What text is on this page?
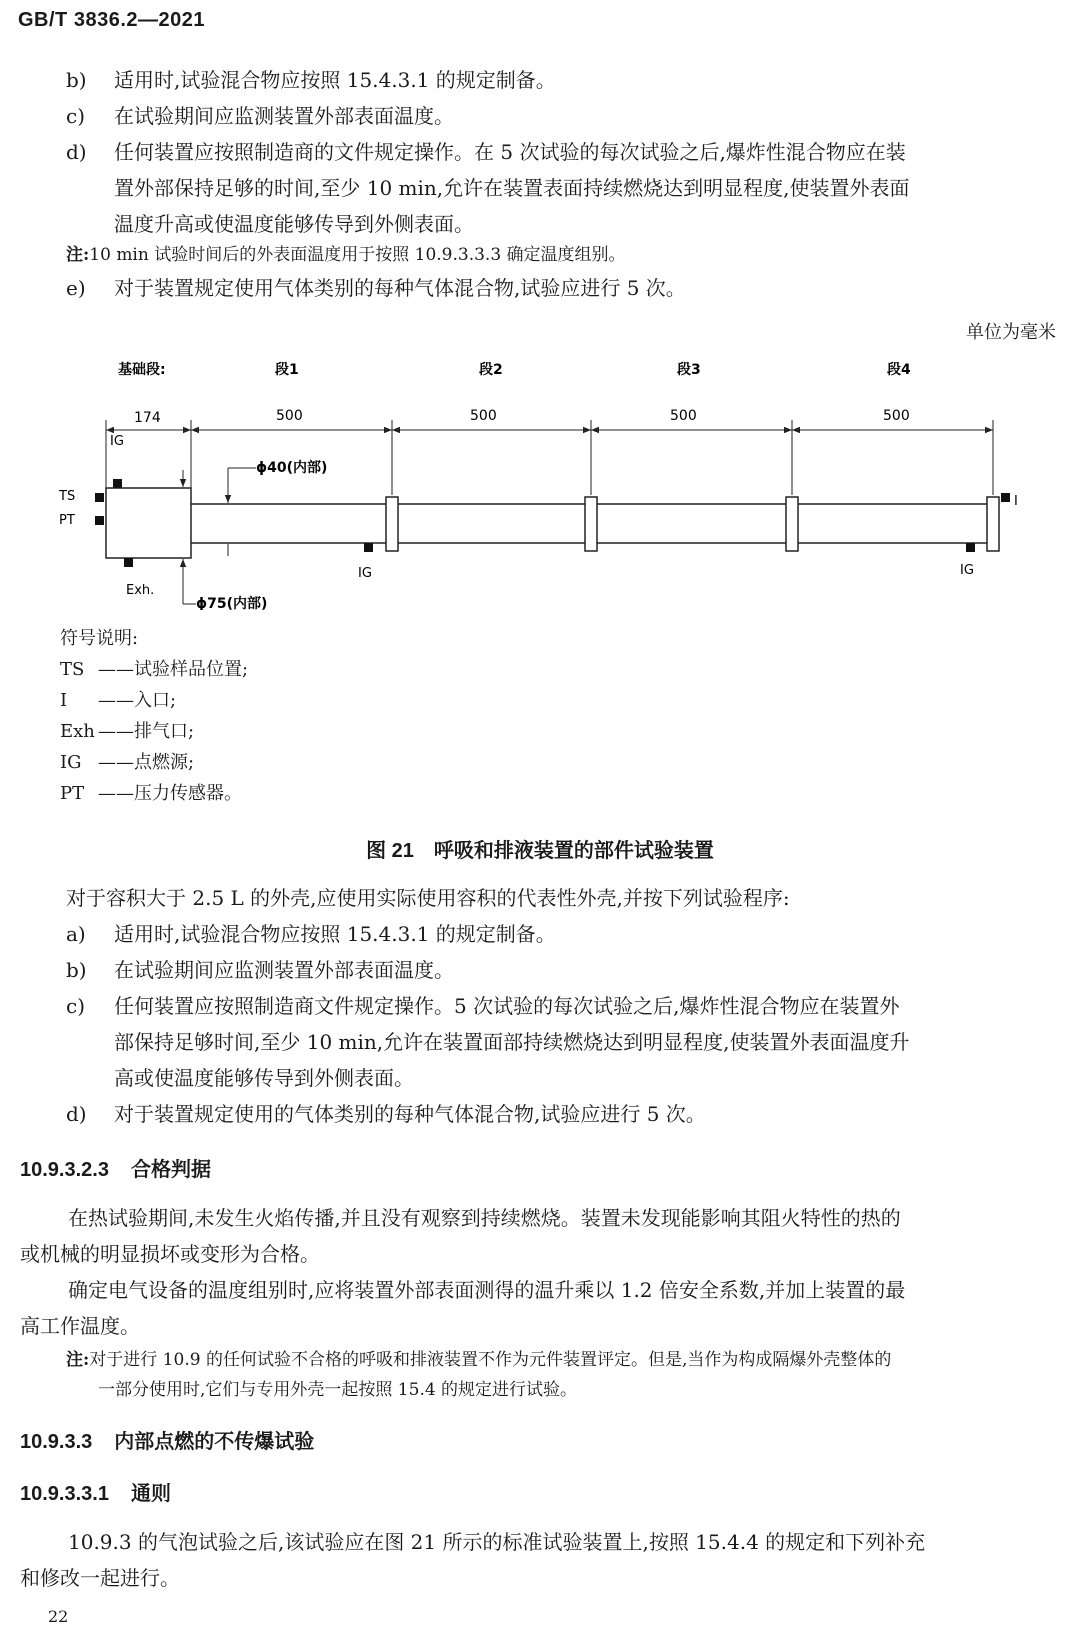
GB/T 3836.2—2021
b) 适用时,试验混合物应按照 15.4.3.1 的规定制备。
c) 在试验期间应监测装置外部表面温度。
d) 任何装置应按照制造商的文件规定操作。在 5 次试验的每次试验之后,爆炸性混合物应在装
置外部保持足够的时间,至少 10 min,允许在装置表面持续燃烧达到明显程度,使装置外表面
温度升高或使温度能够传导到外侧表面。
注:10 min 试验时间后的外表面温度用于按照 10.9.3.3.3 确定温度组别。
e) 对于装置规定使用气体类别的每种气体混合物,试验应进行 5 次。
单位为毫米
基础段:	段1	段2	段3	段4
174	500	500	500	500
IG
TS
PT
Exh.
IG	IG
I
ϕ40(内部)
ϕ75(内部)
符号说明:
TS ——试验样品位置;
I ——入口;
Exh ——排气口;
IG ——点燃源;
PT ——压力传感器。
图 21 呼吸和排液装置的部件试验装置
对于容积大于 2.5 L 的外壳,应使用实际使用容积的代表性外壳,并按下列试验程序:
a) 适用时,试验混合物应按照 15.4.3.1 的规定制备。
b) 在试验期间应监测装置外部表面温度。
c) 任何装置应按照制造商文件规定操作。5 次试验的每次试验之后,爆炸性混合物应在装置外
部保持足够时间,至少 10 min,允许在装置面部持续燃烧达到明显程度,使装置外表面温度升
高或使温度能够传导到外侧表面。
d) 对于装置规定使用的气体类别的每种气体混合物,试验应进行 5 次。
10.9.3.2.3 合格判据
在热试验期间,未发生火焰传播,并且没有观察到持续燃烧。装置未发现能影响其阻火特性的热的
或机械的明显损坏或变形为合格。
确定电气设备的温度组别时,应将装置外部表面测得的温升乘以 1.2 倍安全系数,并加上装置的最
高工作温度。
注:对于进行 10.9 的任何试验不合格的呼吸和排液装置不作为元件装置评定。但是,当作为构成隔爆外壳整体的
一部分使用时,它们与专用外壳一起按照 15.4 的规定进行试验。
10.9.3.3 内部点燃的不传爆试验
10.9.3.3.1 通则
10.9.3 的气泡试验之后,该试验应在图 21 所示的标准试验装置上,按照 15.4.4 的规定和下列补充
和修改一起进行。
22
